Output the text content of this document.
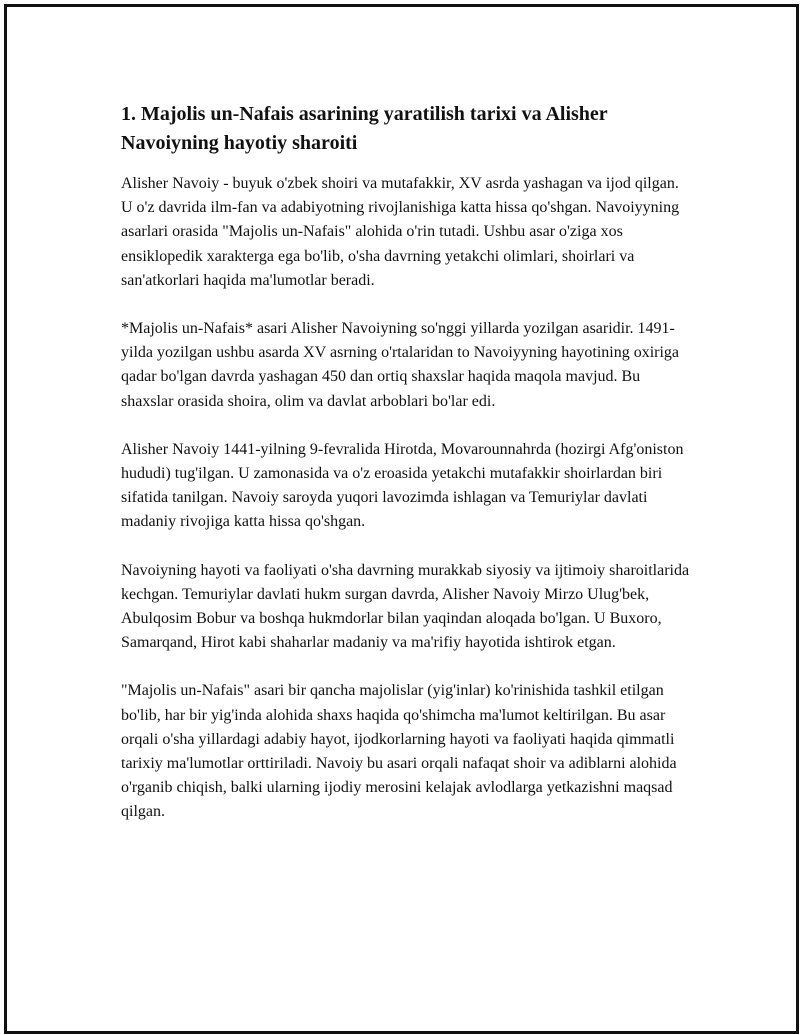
1. Majolis un-Nafais asarining yaratilish tarixi va Alisher Navoiyning hayotiy sharoiti

Alisher Navoiy - buyuk o'zbek shoiri va mutafakkir, XV asrda yashagan va ijod qilgan. U o'z davrida ilm-fan va adabiyotning rivojlanishiga katta hissa qo'shgan. Navoiyyning asarlari orasida "Majolis un-Nafais" alohida o'rin tutadi. Ushbu asar o'ziga xos ensiklopedik xarakterga ega bo'lib, o'sha davrning yetakchi olimlari, shoirlari va san'atkorlari haqida ma'lumotlar beradi.

*Majolis un-Nafais* asari Alisher Navoiyning so'nggi yillarda yozilgan asaridir. 1491-yilda yozilgan ushbu asarda XV asrning o'rtalaridan to Navoiyyning hayotining oxiriga qadar bo'lgan davrda yashagan 450 dan ortiq shaxslar haqida maqola mavjud. Bu shaxslar orasida shoira, olim va davlat arboblari bo'lar edi.

Alisher Navoiy 1441-yilning 9-fevralida Hirotda, Movarounnahrda (hozirgi Afg'oniston hududi) tug'ilgan. U zamonasida va o'z eroasida yetakchi mutafakkir shoirlardan biri sifatida tanilgan. Navoiy saroyda yuqori lavozimda ishlagan va Temuriylar davlati madaniy rivojiga katta hissa qo'shgan.

Navoiyning hayoti va faoliyati o'sha davrning murakkab siyosiy va ijtimoiy sharoitlarida kechgan. Temuriylar davlati hukm surgan davrda, Alisher Navoiy Mirzo Ulug'bek, Abulqosim Bobur va boshqa hukmdorlar bilan yaqindan aloqada bo'lgan. U Buxoro, Samarqand, Hirot kabi shaharlar madaniy va ma'rifiy hayotida ishtirok etgan.

"Majolis un-Nafais" asari bir qancha majolislar (yig'inlar) ko'rinishida tashkil etilgan bo'lib, har bir yig'inda alohida shaxs haqida qo'shimcha ma'lumot keltirilgan. Bu asar orqali o'sha yillardagi adabiy hayot, ijodkorlarning hayoti va faoliyati haqida qimmatli tarixiy ma'lumotlar orttiriladi. Navoiy bu asari orqali nafaqat shoir va adiblarni alohida o'rganib chiqish, balki ularning ijodiy merosini kelajak avlodlarga yetkazishni maqsad qilgan.
